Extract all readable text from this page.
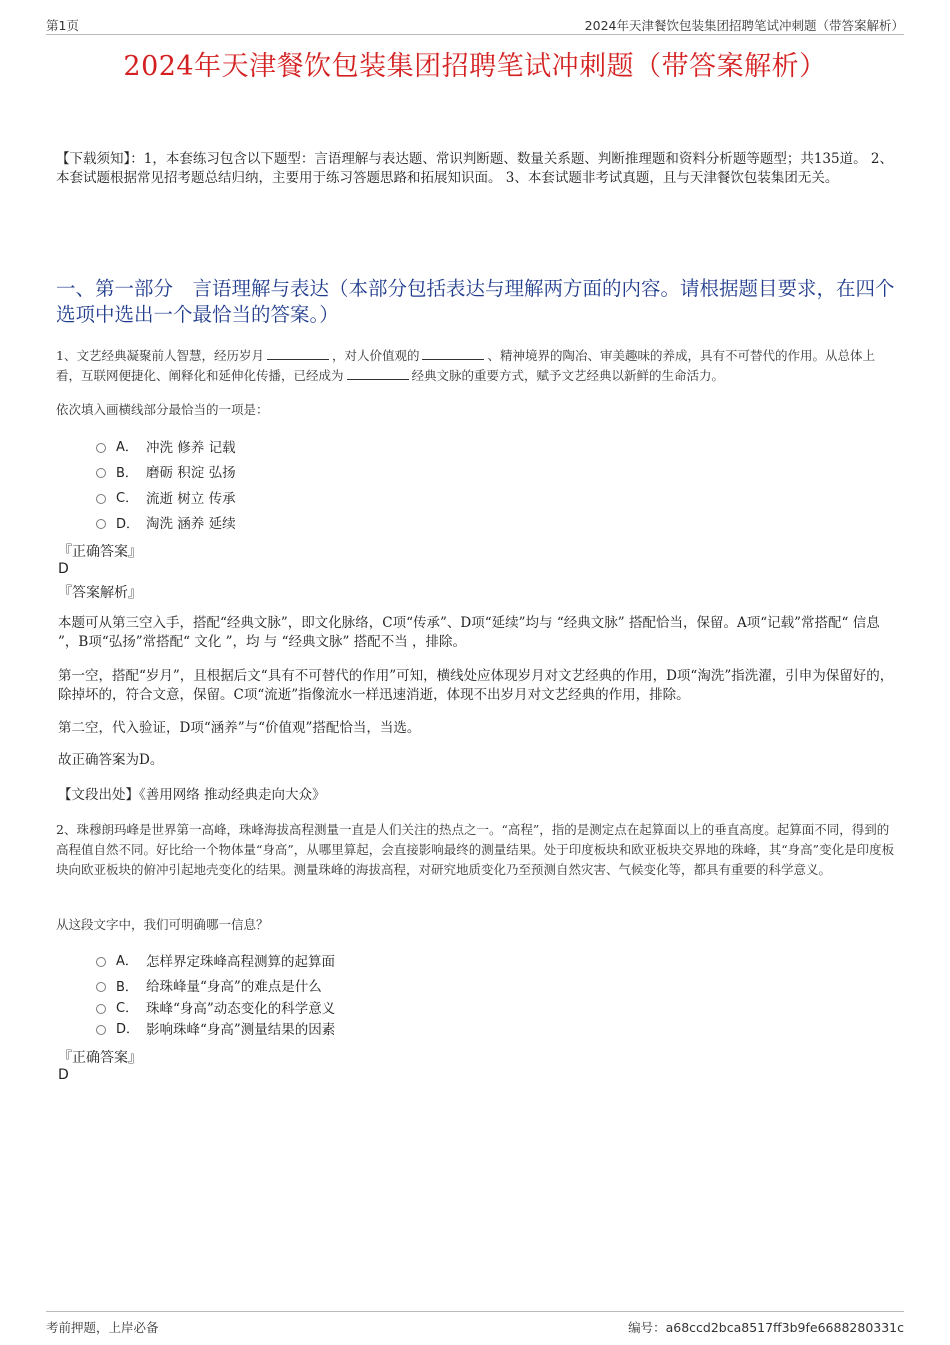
第1页	2024年天津餐饮包装集团招聘笔试冲刺题（带答案解析）
2024年天津餐饮包装集团招聘笔试冲刺题（带答案解析）
【下载须知】：1，本套练习包含以下题型：言语理解与表达题、常识判断题、数量关系题、判断推理题和资料分析题等题型；共135道。 2、本套试题根据常见招考题总结归纳，主要用于练习答题思路和拓展知识面。 3、本套试题非考试真题，且与天津餐饮包装集团无关。
一、第一部分　言语理解与表达（本部分包括表达与理解两方面的内容。请根据题目要求，在四个选项中选出一个最恰当的答案。）
1、文艺经典凝聚前人智慧，经历岁月	，对人价值观的	、精神境界的陶冶、审美趣味的养成，具有不可替代的作用。从总体上看，互联网便捷化、阐释化和延伸化传播，已经成为	经典文脉的重要方式，赋予文艺经典以新鲜的生命活力。
依次填入画横线部分最恰当的一项是：
A． 冲洗 修养 记载
B． 磨砺 积淀 弘扬
C． 流逝 树立 传承
D． 淘洗 涵养 延续
『正确答案』
D
『答案解析』
本题可从第三空入手，搭配“经典文脉”，即文化脉络，C项“传承”、D项“延续”均与 “经典文脉” 搭配恰当，保留。A项“记载”常搭配“ 信息 ”，B项“弘扬”常搭配“ 文化 ”，均 与 “经典文脉” 搭配不当 ，排除。
第一空，搭配“岁月”，且根据后文“具有不可替代的作用”可知，横线处应体现岁月对文艺经典的作用，D项“淘洗”指洗濯，引申为保留好的，除掉坏的，符合文意，保留。C项“流逝”指像流水一样迅速消逝，体现不出岁月对文艺经典的作用，排除。
第二空，代入验证，D项“涵养”与“价值观”搭配恰当，当选。
故正确答案为D。
【文段出处】《善用网络 推动经典走向大众》
2、珠穆朗玛峰是世界第一高峰，珠峰海拔高程测量一直是人们关注的热点之一。“高程”，指的是测定点在起算面以上的垂直高度。起算面不同，得到的高程值自然不同。好比给一个物体量“身高”，从哪里算起，会直接影响最终的测量结果。处于印度板块和欧亚板块交界地的珠峰，其“身高”变化是印度板块向欧亚板块的俯冲引起地壳变化的结果。测量珠峰的海拔高程，对研究地质变化乃至预测自然灾害、气候变化等，都具有重要的科学意义。
从这段文字中，我们可明确哪一信息？
A． 怎样界定珠峰高程测算的起算面
B． 给珠峰量“身高”的难点是什么
C． 珠峰“身高”动态变化的科学意义
D． 影响珠峰“身高”测量结果的因素
『正确答案』
D
考前押题，上岸必备	编号：a68ccd2bca8517ff3b9fe6688280331c
